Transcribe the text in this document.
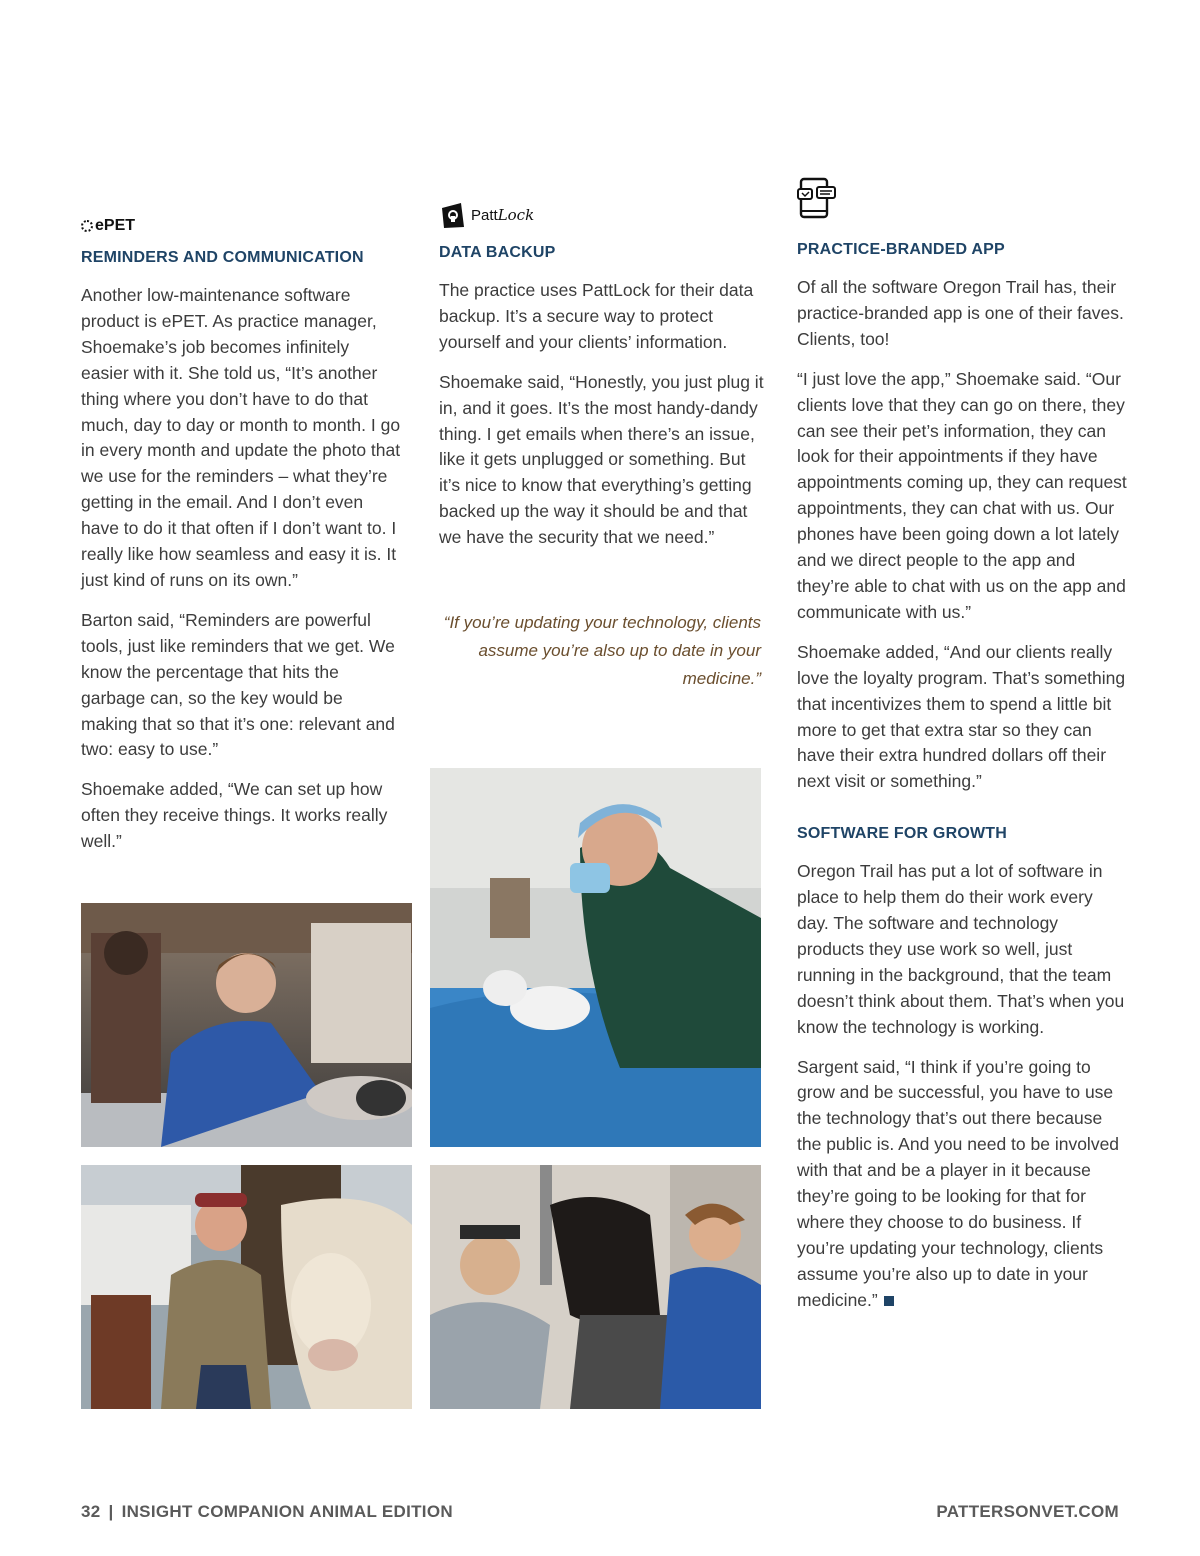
ePET
REMINDERS AND COMMUNICATION

Another low-maintenance software product is ePET. As practice manager, Shoemake’s job becomes infinitely easier with it. She told us, “It’s another thing where you don’t have to do that much, day to day or month to month. I go in every month and update the photo that we use for the reminders – what they’re getting in the email. And I don’t even have to do it that often if I don’t want to. I really like how seamless and easy it is. It just kind of runs on its own.”

Barton said, “Reminders are powerful tools, just like reminders that we get. We know the percentage that hits the garbage can, so the key would be making that so that it’s one: relevant and two: easy to use.”

Shoemake added, “We can set up how often they receive things. It works really well.”

PattLock
DATA BACKUP

The practice uses PattLock for their data backup. It’s a secure way to protect yourself and your clients’ information.

Shoemake said, “Honestly, you just plug it in, and it goes. It’s the most handy-dandy thing. I get emails when there’s an issue, like it gets unplugged or something. But it’s nice to know that everything’s getting backed up the way it should be and that we have the security that we need.”

“If you’re updating your technology, clients assume you’re also up to date in your medicine.”
PRACTICE-BRANDED APP

Of all the software Oregon Trail has, their practice-branded app is one of their faves. Clients, too!

“I just love the app,” Shoemake said. “Our clients love that they can go on there, they can see their pet’s information, they can look for their appointments if they have appointments coming up, they can request appointments, they can chat with us. Our phones have been going down a lot lately and we direct people to the app and they’re able to chat with us on the app and communicate with us.”

Shoemake added, “And our clients really love the loyalty program. That’s something that incentivizes them to spend a little bit more to get that extra star so they can have their extra hundred dollars off their next visit or something.”

SOFTWARE FOR GROWTH

Oregon Trail has put a lot of software in place to help them do their work every day. The software and technology products they use work so well, just running in the background, that the team doesn’t think about them. That’s when you know the technology is working.

Sargent said, “I think if you’re going to grow and be successful, you have to use the technology that’s out there because the public is. And you need to be involved with that and be a player in it because they’re going to be looking for that for where they choose to do business. If you’re updating your technology, clients assume you’re also up to date in your medicine.”

32 | INSIGHT COMPANION ANIMAL EDITION	PATTERSONVET.COM
